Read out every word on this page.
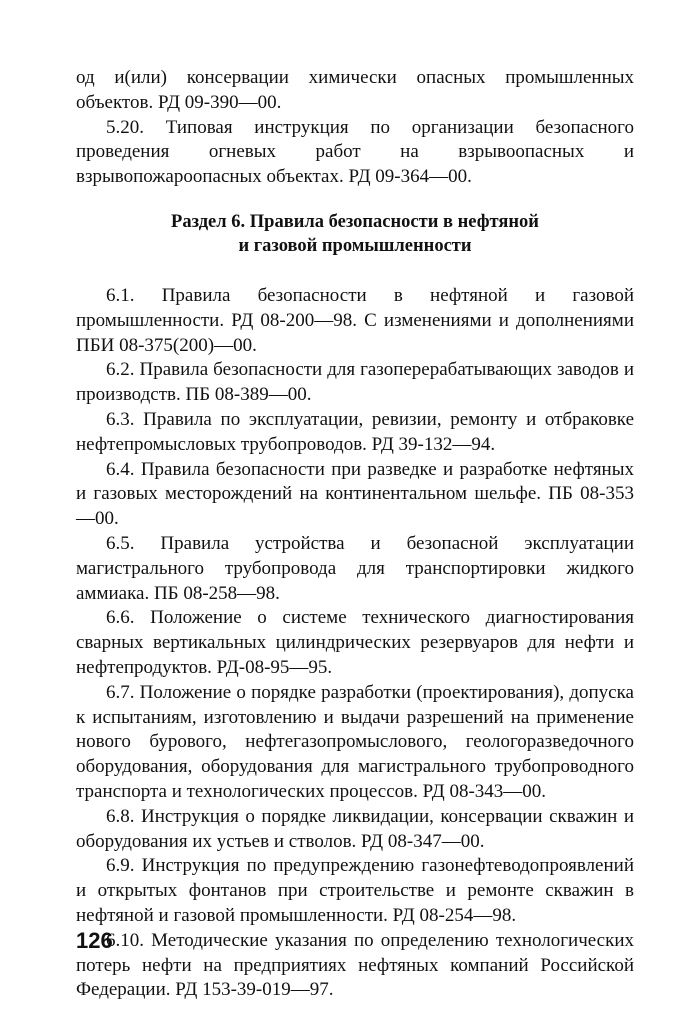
од и(или) консервации химически опасных промышленных объектов. РД 09-390—00.

5.20. Типовая инструкция по организации безопасного проведения огневых работ на взрывоопасных и взрывопожароопасных объектах. РД 09-364—00.

Раздел 6. Правила безопасности в нефтяной
и газовой промышленности

6.1. Правила безопасности в нефтяной и газовой промышленности. РД 08-200—98. С изменениями и дополнениями ПБИ 08-375(200)—00.

6.2. Правила безопасности для газоперерабатывающих заводов и производств. ПБ 08-389—00.

6.3. Правила по эксплуатации, ревизии, ремонту и отбраковке нефтепромысловых трубопроводов. РД 39-132—94.

6.4. Правила безопасности при разведке и разработке нефтяных и газовых месторождений на континентальном шельфе. ПБ 08-353—00.

6.5. Правила устройства и безопасной эксплуатации магистрального трубопровода для транспортировки жидкого аммиака. ПБ 08-258—98.

6.6. Положение о системе технического диагностирования сварных вертикальных цилиндрических резервуаров для нефти и нефтепродуктов. РД-08-95—95.

6.7. Положение о порядке разработки (проектирования), допуска к испытаниям, изготовлению и выдачи разрешений на применение нового бурового, нефтегазопромыслового, геологоразведочного оборудования, оборудования для магистрального трубопроводного транспорта и технологических процессов. РД 08-343—00.

6.8. Инструкция о порядке ликвидации, консервации скважин и оборудования их устьев и стволов. РД 08-347—00.

6.9. Инструкция по предупреждению газонефтеводопроявлений и открытых фонтанов при строительстве и ремонте скважин в нефтяной и газовой промышленности. РД 08-254—98.

6.10. Методические указания по определению технологических потерь нефти на предприятиях нефтяных компаний Российской Федерации. РД 153-39-019—97.

126
